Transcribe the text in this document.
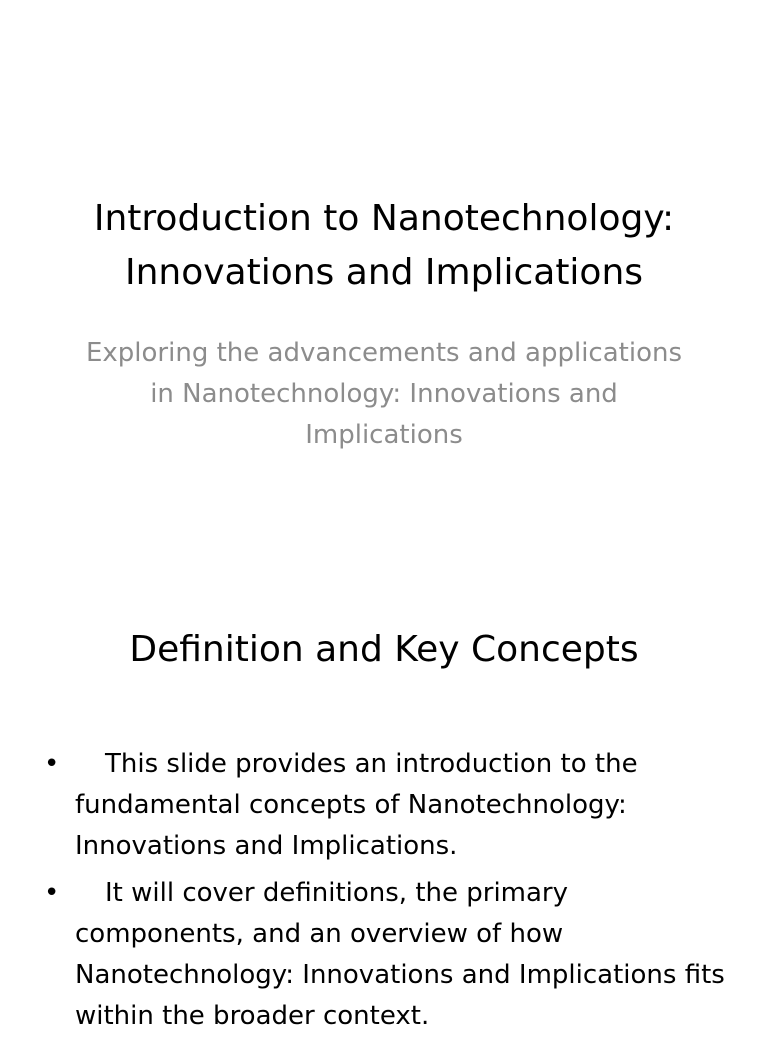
Introduction to Nanotechnology: Innovations and Implications

Exploring the advancements and applications in Nanotechnology: Innovations and Implications

Definition and Key Concepts
•	This slide provides an introduction to the fundamental concepts of Nanotechnology: Innovations and Implications.
•	It will cover definitions, the primary components, and an overview of how Nanotechnology: Innovations and Implications fits within the broader context.
